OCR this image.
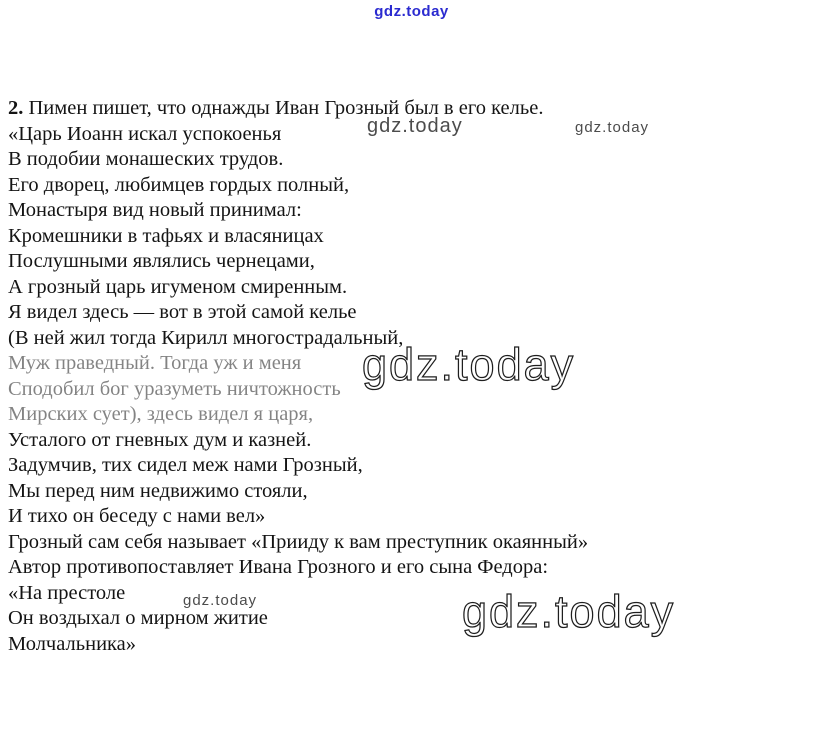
gdz.today
gdz.today	gdz.today
gdz.today
gdz.today	gdz.today
2. Пимен пишет, что однажды Иван Грозный был в его келье.
«Царь Иоанн искал успокоенья
В подобии монашеских трудов.
Его дворец, любимцев гордых полный,
Монастыря вид новый принимал:
Кромешники в тафьях и власяницах
Послушными являлись чернецами,
А грозный царь игуменом смиренным.
Я видел здесь — вот в этой самой келье
(В ней жил тогда Кирилл многострадальный,
Муж праведный. Тогда уж и меня
Сподобил бог уразуметь ничтожность
Мирских сует), здесь видел я царя,
Усталого от гневных дум и казней.
Задумчив, тих сидел меж нами Грозный,
Мы перед ним недвижимо стояли,
И тихо он беседу с нами вел»
Грозный сам себя называет «Прииду к вам преступник окаянный»
Автор противопоставляет Ивана Грозного и его сына Федора:
«На престоле
Он воздыхал о мирном житие
Молчальника»
